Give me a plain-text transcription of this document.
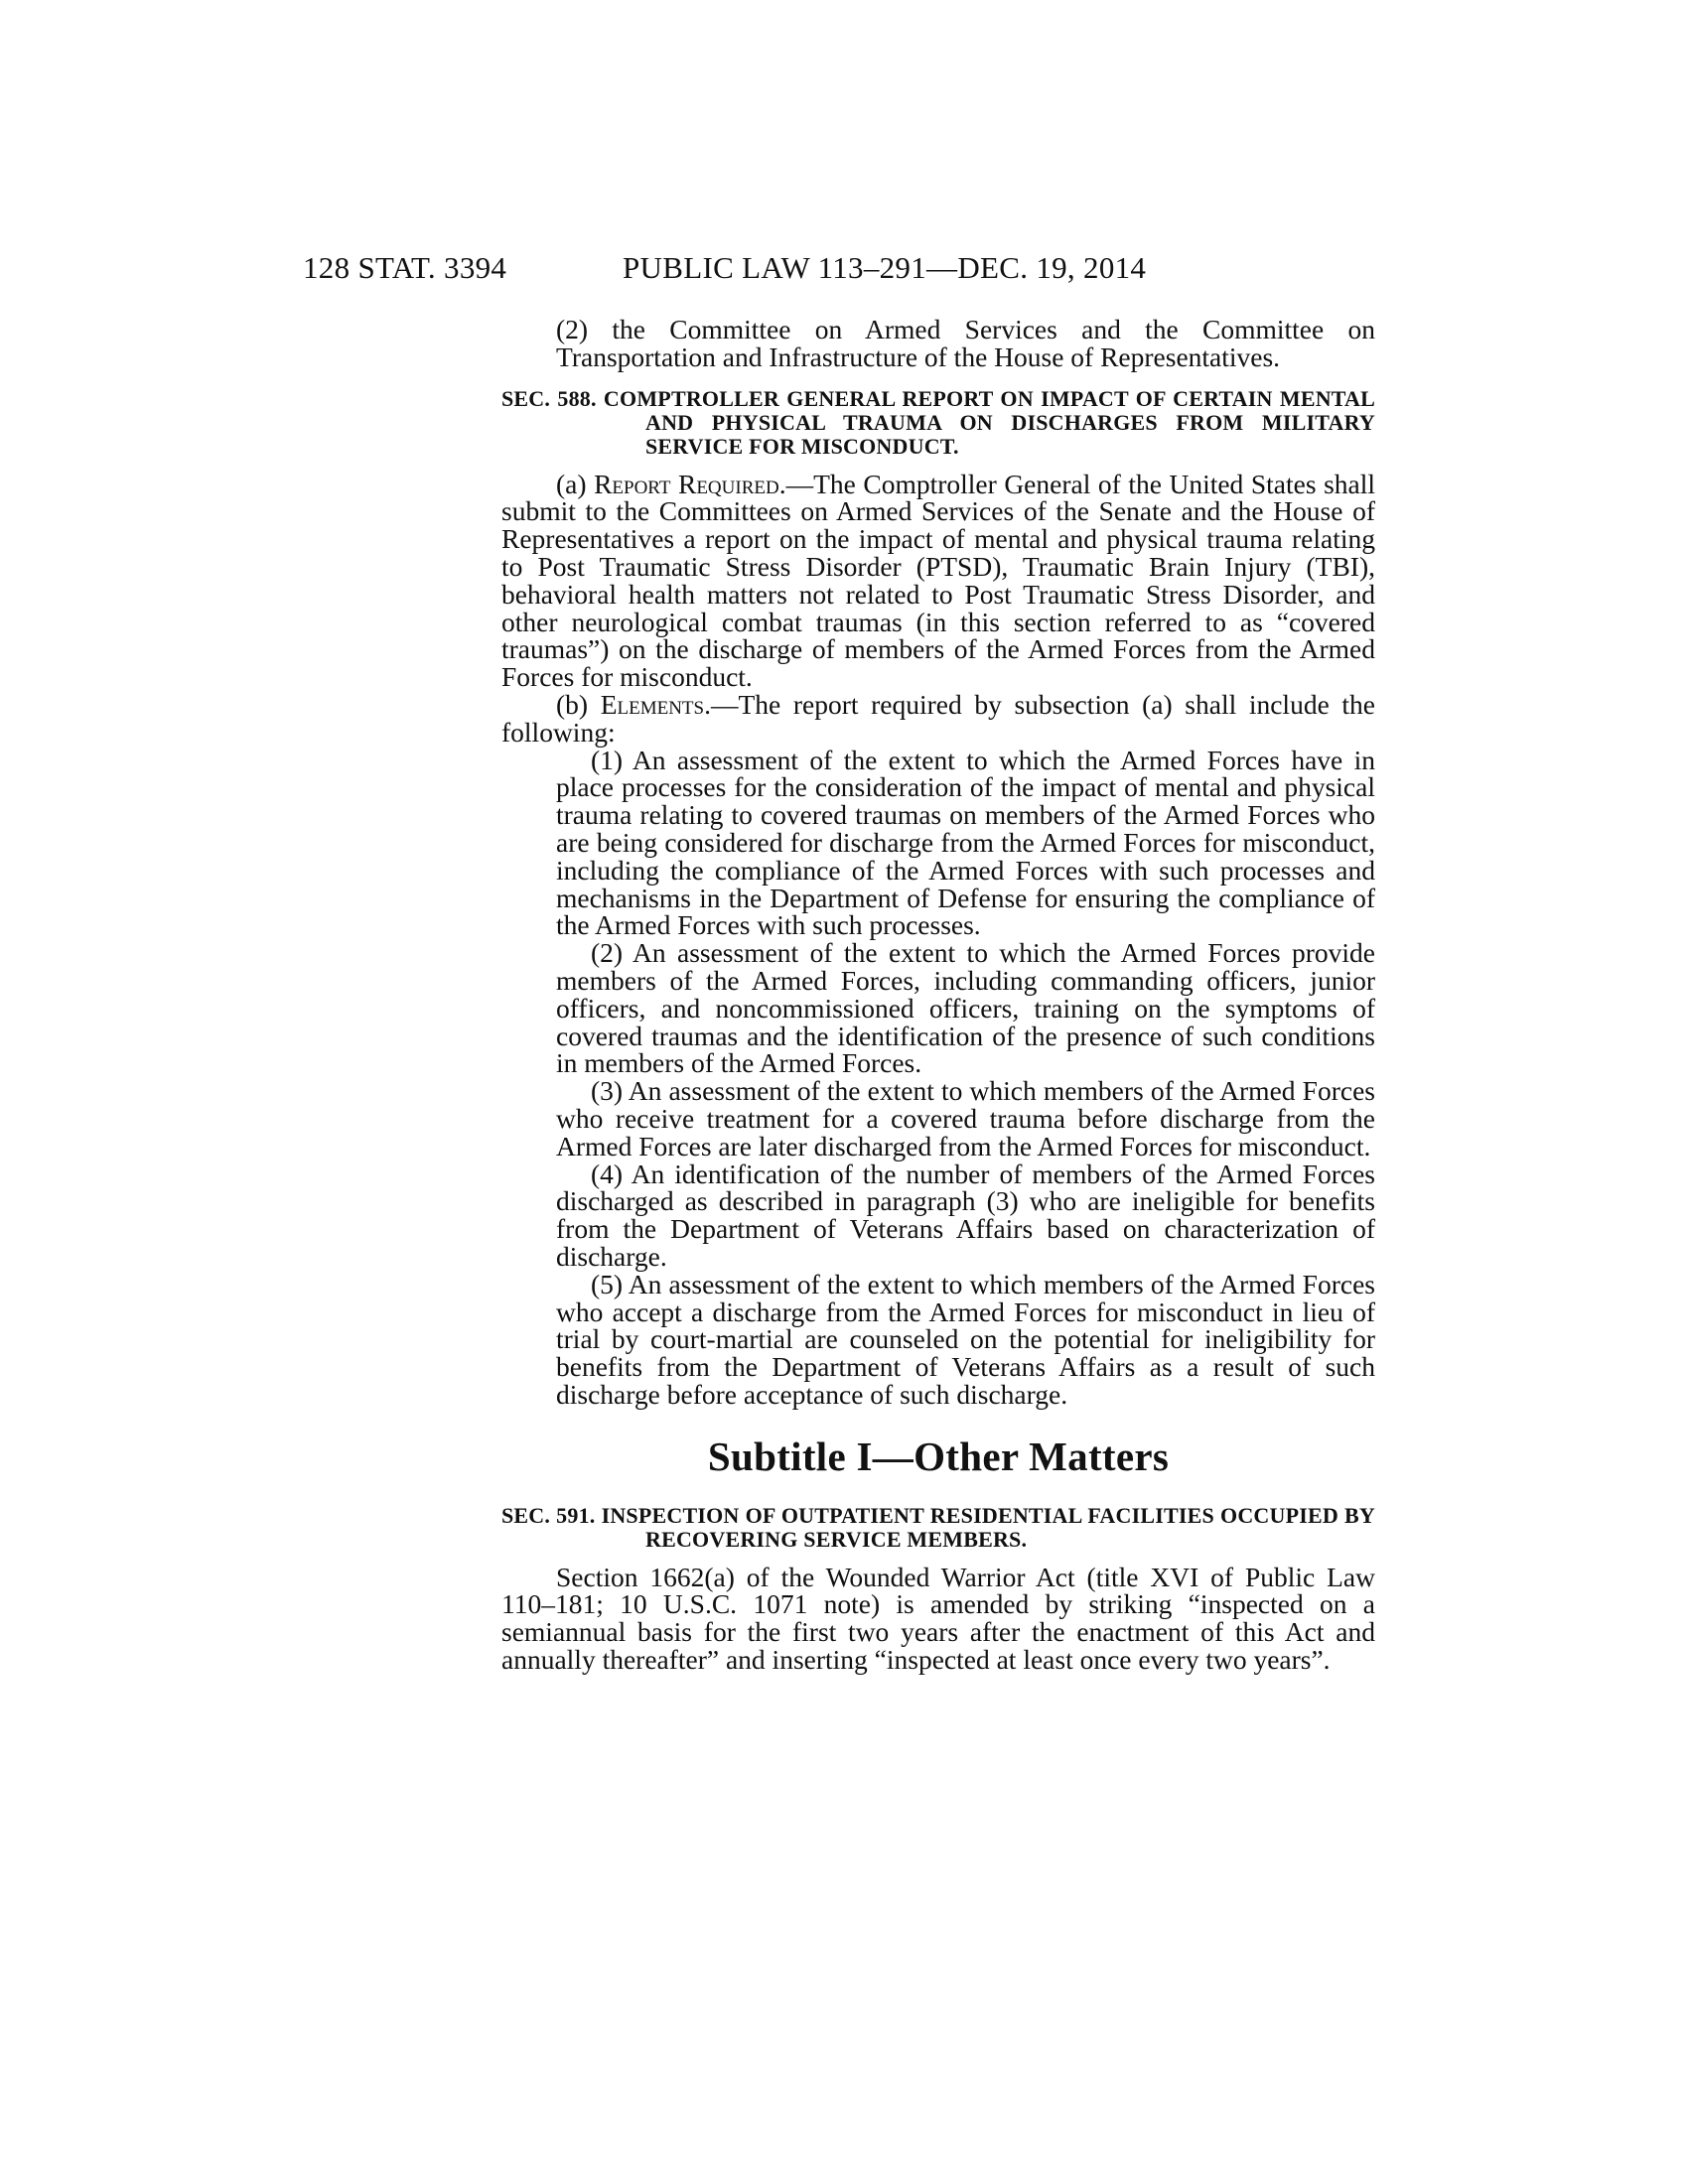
128 STAT. 3394	PUBLIC LAW 113–291—DEC. 19, 2014

(2) the Committee on Armed Services and the Committee on Transportation and Infrastructure of the House of Representatives.

SEC. 588. COMPTROLLER GENERAL REPORT ON IMPACT OF CERTAIN MENTAL AND PHYSICAL TRAUMA ON DISCHARGES FROM MILITARY SERVICE FOR MISCONDUCT.

(a) Report Required.—The Comptroller General of the United States shall submit to the Committees on Armed Services of the Senate and the House of Representatives a report on the impact of mental and physical trauma relating to Post Traumatic Stress Disorder (PTSD), Traumatic Brain Injury (TBI), behavioral health matters not related to Post Traumatic Stress Disorder, and other neurological combat traumas (in this section referred to as “covered traumas”) on the discharge of members of the Armed Forces from the Armed Forces for misconduct.

(b) Elements.—The report required by subsection (a) shall include the following:

(1) An assessment of the extent to which the Armed Forces have in place processes for the consideration of the impact of mental and physical trauma relating to covered traumas on members of the Armed Forces who are being considered for discharge from the Armed Forces for misconduct, including the compliance of the Armed Forces with such processes and mechanisms in the Department of Defense for ensuring the compliance of the Armed Forces with such processes.

(2) An assessment of the extent to which the Armed Forces provide members of the Armed Forces, including commanding officers, junior officers, and noncommissioned officers, training on the symptoms of covered traumas and the identification of the presence of such conditions in members of the Armed Forces.

(3) An assessment of the extent to which members of the Armed Forces who receive treatment for a covered trauma before discharge from the Armed Forces are later discharged from the Armed Forces for misconduct.

(4) An identification of the number of members of the Armed Forces discharged as described in paragraph (3) who are ineligible for benefits from the Department of Veterans Affairs based on characterization of discharge.

(5) An assessment of the extent to which members of the Armed Forces who accept a discharge from the Armed Forces for misconduct in lieu of trial by court-martial are counseled on the potential for ineligibility for benefits from the Department of Veterans Affairs as a result of such discharge before acceptance of such discharge.

Subtitle I—Other Matters

SEC. 591. INSPECTION OF OUTPATIENT RESIDENTIAL FACILITIES OCCUPIED BY RECOVERING SERVICE MEMBERS.

Section 1662(a) of the Wounded Warrior Act (title XVI of Public Law 110–181; 10 U.S.C. 1071 note) is amended by striking “inspected on a semiannual basis for the first two years after the enactment of this Act and annually thereafter” and inserting “inspected at least once every two years”.
